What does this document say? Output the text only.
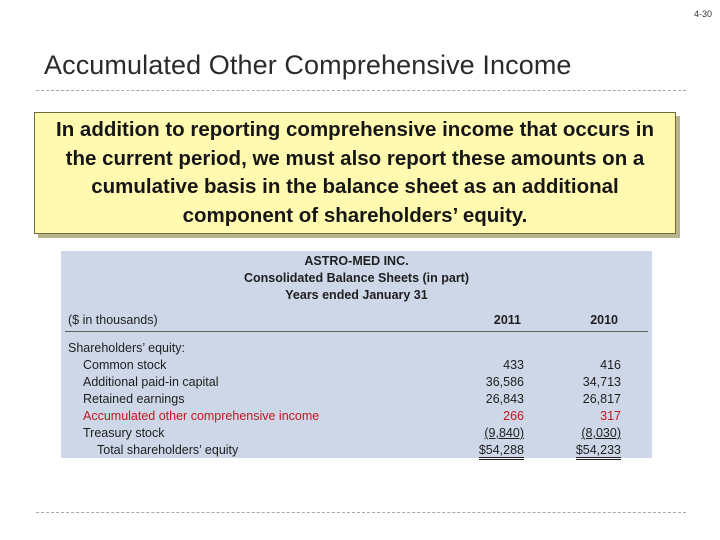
4-30
Accumulated Other Comprehensive Income
In addition to reporting comprehensive income that occurs in the current period, we must also report these amounts on a cumulative basis in the balance sheet as an additional component of shareholders’ equity.
ASTRO-MED INC.
Consolidated Balance Sheets (in part)
Years ended January 31
($ in thousands)	2011	2010
Shareholders’ equity:
Common stock	433	416
Additional paid-in capital	36,586	34,713
Retained earnings	26,843	26,817
Accumulated other comprehensive income	266	317
Treasury stock	(9,840)	(8,030)
Total shareholders’ equity	$54,288	$54,233
